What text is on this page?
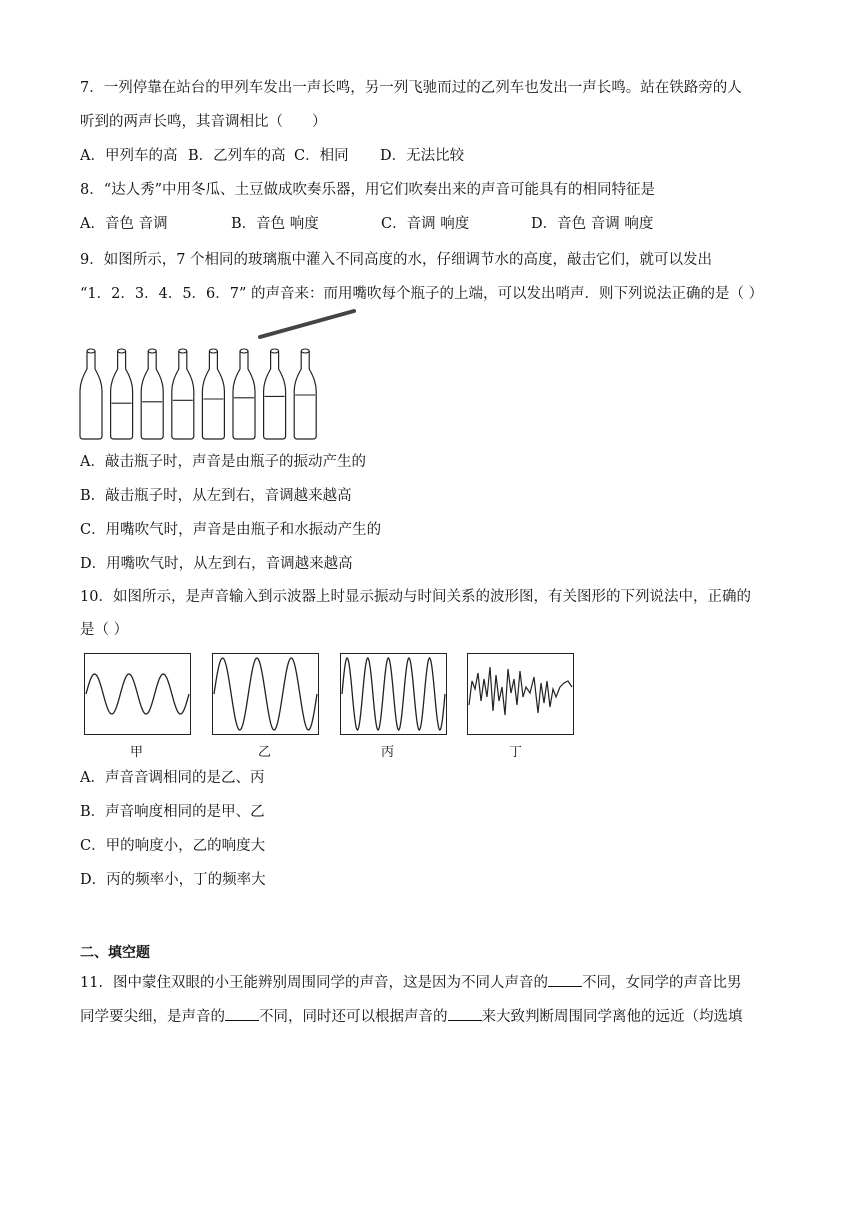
7．一列停靠在站台的甲列车发出一声长鸣，另一列飞驰而过的乙列车也发出一声长鸣。站在铁路旁的人
听到的两声长鸣，其音调相比（　　）
A．甲列车的高 B．乙列车的高 C．相同	D．无法比较
8．“达人秀”中用冬瓜、土豆做成吹奏乐器，用它们吹奏出来的声音可能具有的相同特征是
A．音色 音调	B．音色 响度	C．音调 响度	D．音色 音调 响度
9．如图所示，7 个相同的玻璃瓶中灌入不同高度的水，仔细调节水的高度，敲击它们，就可以发出
“1．2．3．4．5．6．7” 的声音来：而用嘴吹每个瓶子的上端，可以发出哨声．则下列说法正确的是（ ）
A．敲击瓶子时，声音是由瓶子的振动产生的
B．敲击瓶子时，从左到右，音调越来越高
C．用嘴吹气时，声音是由瓶子和水振动产生的
D．用嘴吹气时，从左到右，音调越来越高
10．如图所示，是声音输入到示波器上时显示振动与时间关系的波形图，有关图形的下列说法中，正确的
是（ ）
甲	乙	丙	丁
A．声音音调相同的是乙、丙
B．声音响度相同的是甲、乙
C．甲的响度小，乙的响度大
D．丙的频率小，丁的频率大
二、填空题
11．图中蒙住双眼的小王能辨别周围同学的声音，这是因为不同人声音的 不同，女同学的声音比男
同学要尖细，是声音的 不同，同时还可以根据声音的 来大致判断周围同学离他的远近（均选填
